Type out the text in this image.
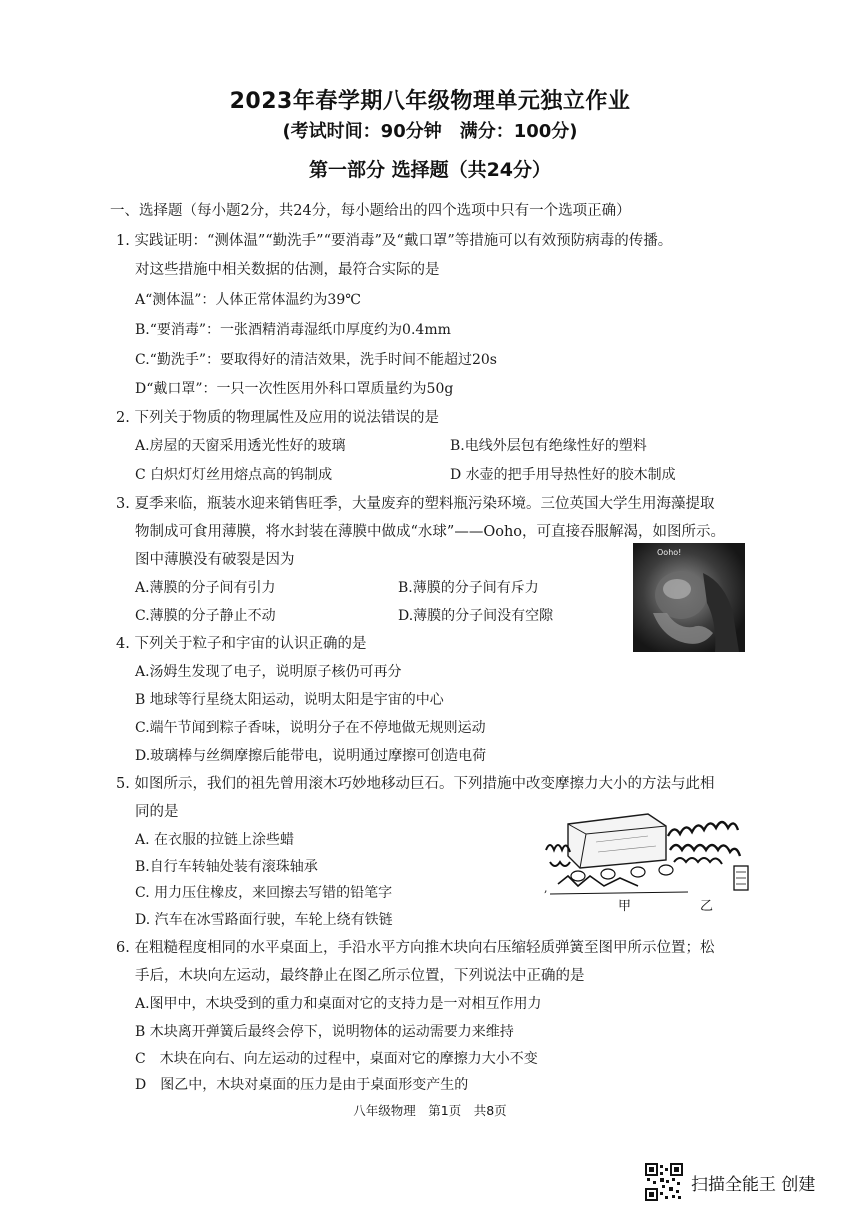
2023年春学期八年级物理单元独立作业
(考试时间：90分钟　满分：100分)
第一部分 选择题（共24分）
一、选择题（每小题2分，共24分，每小题给出的四个选项中只有一个选项正确）
1. 实践证明：“测体温”“勤洗手”“要消毒”及“戴口罩”等措施可以有效预防病毒的传播。
对这些措施中相关数据的估测，最符合实际的是
A“测体温”：人体正常体温约为39℃
B.“要消毒”：一张酒精消毒湿纸巾厚度约为0.4mm
C.“勤洗手”：要取得好的清洁效果，洗手时间不能超过20s
D“戴口罩”：一只一次性医用外科口罩质量约为50g
2. 下列关于物质的物理属性及应用的说法错误的是
A.房屋的天窗采用透光性好的玻璃	B.电线外层包有绝缘性好的塑料
C 白炽灯灯丝用熔点高的钨制成	D 水壶的把手用导热性好的胶木制成
3. 夏季来临，瓶装水迎来销售旺季，大量废弃的塑料瓶污染环境。三位英国大学生用海藻提取
物制成可食用薄膜，将水封装在薄膜中做成“水球”——Ooho，可直接吞服解渴，如图所示。
图中薄膜没有破裂是因为
A.薄膜的分子间有引力	B.薄膜的分子间有斥力
C.薄膜的分子静止不动	D.薄膜的分子间没有空隙
Ooho!
4. 下列关于粒子和宇宙的认识正确的是
A.汤姆生发现了电子，说明原子核仍可再分
B 地球等行星绕太阳运动，说明太阳是宇宙的中心
C.端午节闻到粽子香味，说明分子在不停地做无规则运动
D.玻璃棒与丝绸摩擦后能带电，说明通过摩擦可创造电荷
5. 如图所示，我们的祖先曾用滚木巧妙地移动巨石。下列措施中改变摩擦力大小的方法与此相
同的是
A. 在衣服的拉链上涂些蜡
B.自行车转轴处装有滚珠轴承
C. 用力压住橡皮，来回擦去写错的铅笔字
D. 汽车在冰雪路面行驶，车轮上绕有铁链
,
甲	乙
6. 在粗糙程度相同的水平桌面上，手沿水平方向推木块向右压缩轻质弹簧至图甲所示位置；松
手后，木块向左运动，最终静止在图乙所示位置，下列说法中正确的是
A.图甲中，木块受到的重力和桌面对它的支持力是一对相互作用力
B 木块离开弹簧后最终会停下，说明物体的运动需要力来维持
C　木块在向右、向左运动的过程中，桌面对它的摩擦力大小不变
D　图乙中，木块对桌面的压力是由于桌面形变产生的
八年级物理　第1页　共8页
扫描全能王 创建
